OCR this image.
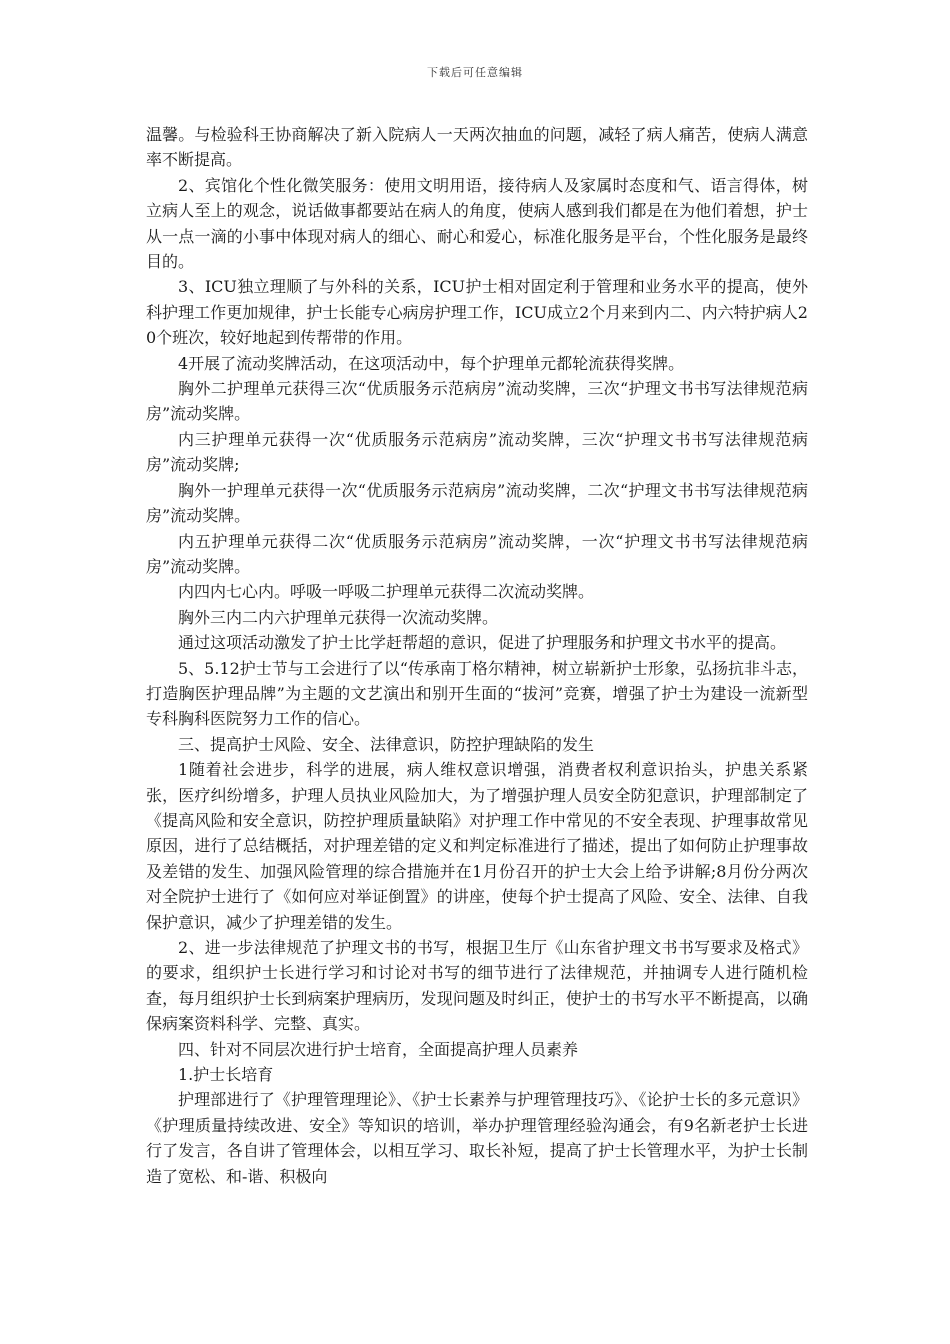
下载后可任意编辑

温馨。与检验科王协商解决了新入院病人一天两次抽血的问题，减轻了病人痛苦，使病人满意率不断提高。

2、宾馆化个性化微笑服务：使用文明用语，接待病人及家属时态度和气、语言得体，树立病人至上的观念，说话做事都要站在病人的角度，使病人感到我们都是在为他们着想，护士从一点一滴的小事中体现对病人的细心、耐心和爱心，标准化服务是平台，个性化服务是最终目的。

3、ICU独立理顺了与外科的关系，ICU护士相对固定利于管理和业务水平的提高，使外科护理工作更加规律，护士长能专心病房护理工作，ICU成立2个月来到内二、内六特护病人20个班次，较好地起到传帮带的作用。

4开展了流动奖牌活动，在这项活动中，每个护理单元都轮流获得奖牌。

胸外二护理单元获得三次“优质服务示范病房”流动奖牌，三次“护理文书书写法律规范病房”流动奖牌。

内三护理单元获得一次“优质服务示范病房”流动奖牌，三次“护理文书书写法律规范病房”流动奖牌;

胸外一护理单元获得一次“优质服务示范病房”流动奖牌，二次“护理文书书写法律规范病房”流动奖牌。

内五护理单元获得二次“优质服务示范病房”流动奖牌，一次“护理文书书写法律规范病房”流动奖牌。

内四内七心内。呼吸一呼吸二护理单元获得二次流动奖牌。

胸外三内二内六护理单元获得一次流动奖牌。

通过这项活动激发了护士比学赶帮超的意识，促进了护理服务和护理文书水平的提高。

5、5.12护士节与工会进行了以“传承南丁格尔精神，树立崭新护士形象，弘扬抗非斗志，打造胸医护理品牌”为主题的文艺演出和别开生面的“拔河”竞赛，增强了护士为建设一流新型专科胸科医院努力工作的信心。

三、提高护士风险、安全、法律意识，防控护理缺陷的发生

1随着社会进步，科学的进展，病人维权意识增强，消费者权利意识抬头，护患关系紧张，医疗纠纷增多，护理人员执业风险加大，为了增强护理人员安全防犯意识，护理部制定了《提高风险和安全意识，防控护理质量缺陷》对护理工作中常见的不安全表现、护理事故常见原因，进行了总结概括，对护理差错的定义和判定标准进行了描述，提出了如何防止护理事故及差错的发生、加强风险管理的综合措施并在1月份召开的护士大会上给予讲解;8月份分两次对全院护士进行了《如何应对举证倒置》的讲座，使每个护士提高了风险、安全、法律、自我保护意识，减少了护理差错的发生。

2、进一步法律规范了护理文书的书写，根据卫生厅《山东省护理文书书写要求及格式》的要求，组织护士长进行学习和讨论对书写的细节进行了法律规范，并抽调专人进行随机检查，每月组织护士长到病案护理病历，发现问题及时纠正，使护士的书写水平不断提高，以确保病案资料科学、完整、真实。

四、针对不同层次进行护士培育，全面提高护理人员素养

1.护士长培育

护理部进行了《护理管理理论》、《护士长素养与护理管理技巧》、《论护士长的多元意识》《护理质量持续改进、安全》等知识的培训，举办护理管理经验沟通会，有9名新老护士长进行了发言，各自讲了管理体会，以相互学习、取长补短，提高了护士长管理水平，为护士长制造了宽松、和-谐、积极向
